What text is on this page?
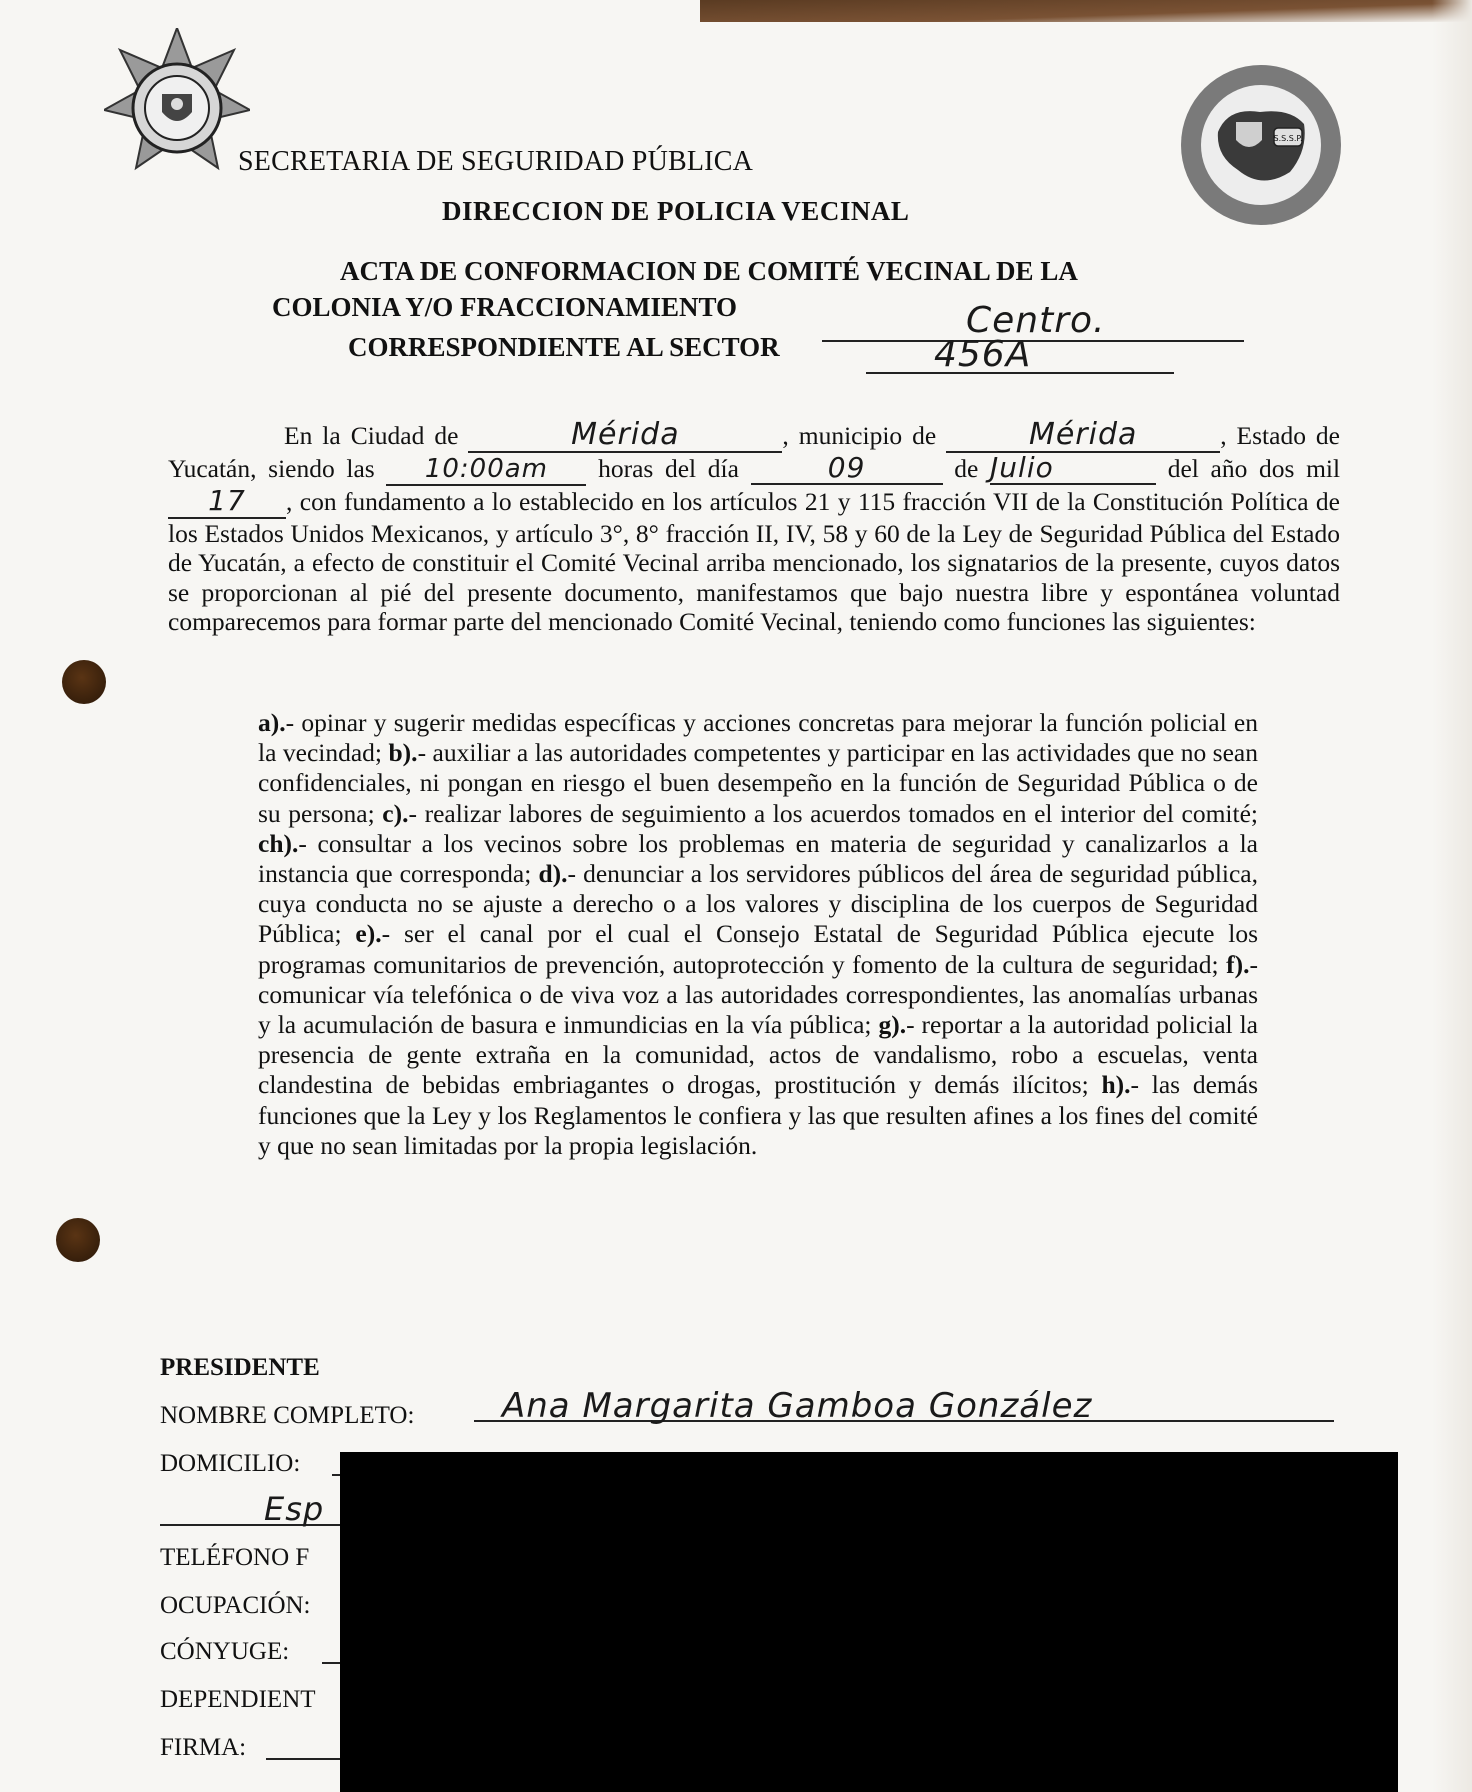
S.S.S.P.
SECRETARIA DE SEGURIDAD PÚBLICA
DIRECCION DE POLICIA VECINAL
ACTA DE CONFORMACION DE COMITÉ VECINAL DE LA
COLONIA Y/O FRACCIONAMIENTO	Centro.
CORRESPONDIENTE AL SECTOR	456A
En la Ciudad de	Mérida	, municipio de	Mérida	, Estado de Yucatán, siendo las 10:00am horas del día	09	de Julio	del año dos mil 17 , con fundamento a lo establecido en los artículos 21 y 115 fracción VII de la Constitución Política de los Estados Unidos Mexicanos, y artículo 3°, 8° fracción II, IV, 58 y 60 de la Ley de Seguridad Pública del Estado de Yucatán, a efecto de constituir el Comité Vecinal arriba mencionado, los signatarios de la presente, cuyos datos se proporcionan al pié del presente documento, manifestamos que bajo nuestra libre y espontánea voluntad comparecemos para formar parte del mencionado Comité Vecinal, teniendo como funciones las siguientes:
a).- opinar y sugerir medidas específicas y acciones concretas para mejorar la función policial en la vecindad; b).- auxiliar a las autoridades competentes y participar en las actividades que no sean confidenciales, ni pongan en riesgo el buen desempeño en la función de Seguridad Pública o de su persona; c).- realizar labores de seguimiento a los acuerdos tomados en el interior del comité; ch).- consultar a los vecinos sobre los problemas en materia de seguridad y canalizarlos a la instancia que corresponda; d).- denunciar a los servidores públicos del área de seguridad pública, cuya conducta no se ajuste a derecho o a los valores y disciplina de los cuerpos de Seguridad Pública; e).- ser el canal por el cual el Consejo Estatal de Seguridad Pública ejecute los programas comunitarios de prevención, autoprotección y fomento de la cultura de seguridad; f).- comunicar vía telefónica o de viva voz a las autoridades correspondientes, las anomalías urbanas y la acumulación de basura e inmundicias en la vía pública; g).- reportar a la autoridad policial la presencia de gente extraña en la comunidad, actos de vandalismo, robo a escuelas, venta clandestina de bebidas embriagantes o drogas, prostitución y demás ilícitos; h).- las demás funciones que la Ley y los Reglamentos le confiera y las que resulten afines a los fines del comité y que no sean limitadas por la propia legislación.
PRESIDENTE
NOMBRE COMPLETO:	Ana Margarita Gamboa González
DOMICILIO:
Esp
TELÉFONO F
OCUPACIÓN:
CÓNYUGE:
DEPENDIENT
FIRMA:
